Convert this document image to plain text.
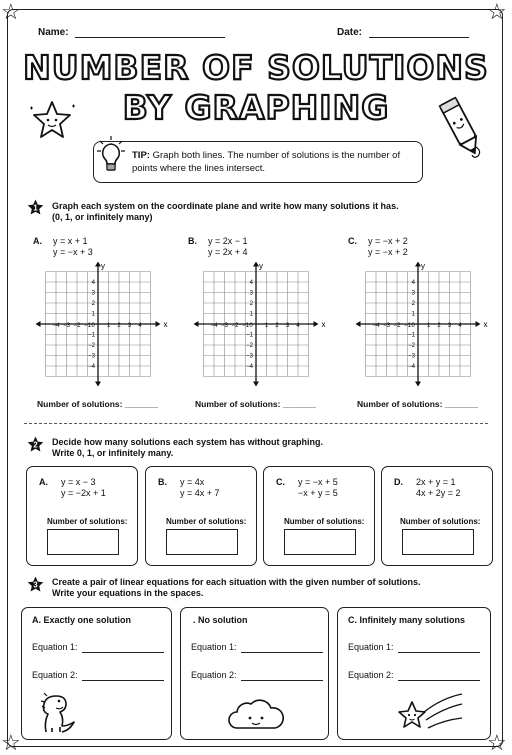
☆	☆
☆	☆
Name:	Date:
NUMBER OF SOLUTIONS
BY GRAPHING
TIP: Graph both lines. The number of solutions is the number of points where the lines intersect.
1 Graph each system on the coordinate plane and write how many solutions it has.
(0, 1, or infinitely many)
A. y = x + 1
y = −x + 3
B. y = 2x − 1
y = 2x + 4
C. y = −x + 2
y = −x + 2
x
y
−4 −3 −2 −1 0 1 2 3 4
4
3
2
1
−1
−2
−3
−4
x
y
−4 −3 −2 −1 0 1 2 3 4
4
3
2
1
−1
−2
−3
−4
x
y
−4 −3 −2 −1 0 1 2 3 4
4
3
2
1
−1
−2
−3
−4
Number of solutions: _______	Number of solutions: _______	Number of solutions: _______
2 Decide how many solutions each system has without graphing.
Write 0, 1, or infinitely many.
A. y = x − 3
y = −2x + 1
Number of solutions:
B. y = 4x
y = 4x + 7
Number of solutions:
C. y = −x + 5
−x + y = 5
Number of solutions:
D. 2x + y = 1
4x + 2y = 2
Number of solutions:
3 Create a pair of linear equations for each situation with the given number of solutions.
Write your equations in the spaces.
A. Exactly one solution
Equation 1:
Equation 2:
. No solution
Equation 1:
Equation 2:
C. Infinitely many solutions
Equation 1:
Equation 2:
